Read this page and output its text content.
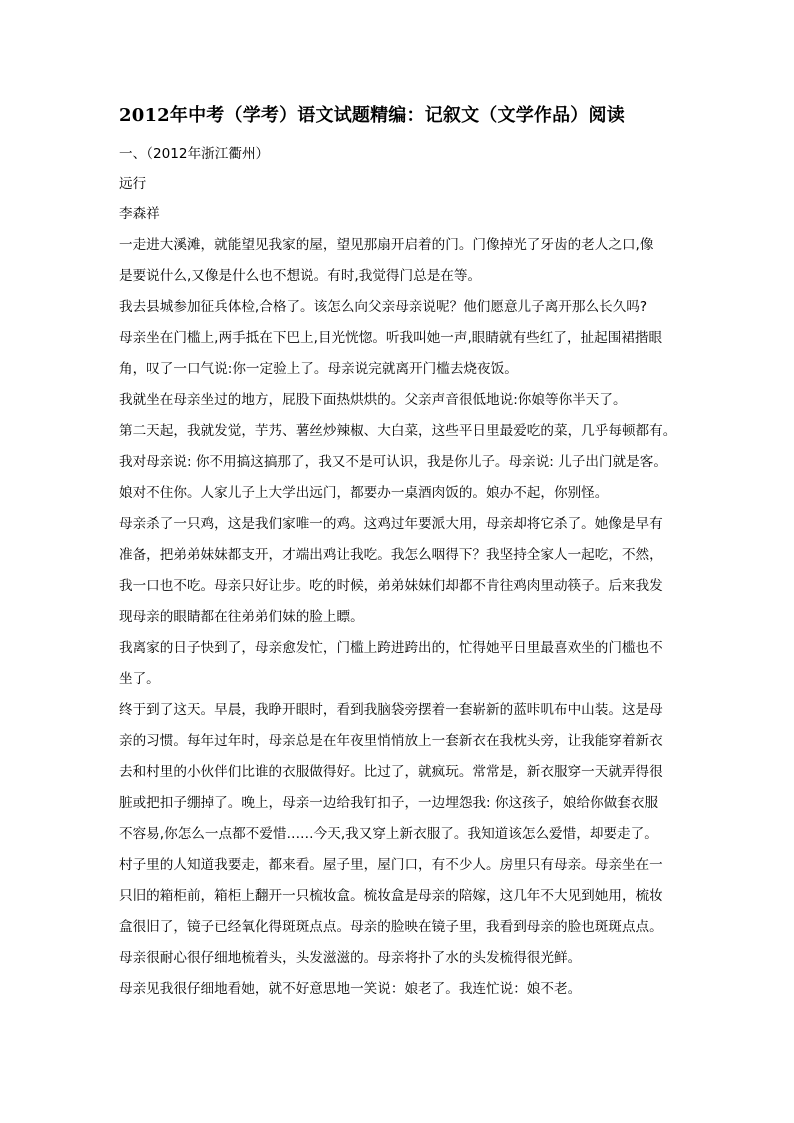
2012年中考（学考）语文试题精编：记叙文（文学作品）阅读
一、（2012年浙江衢州）
远行
李森祥
一走进大溪滩，就能望见我家的屋，望见那扇开启着的门。门像掉光了牙齿的老人之口,像
是要说什么,又像是什么也不想说。有时,我觉得门总是在等。
我去县城参加征兵体检,合格了。该怎么向父亲母亲说呢？他们愿意儿子离开那么长久吗?
母亲坐在门槛上,两手抵在下巴上,目光恍惚。听我叫她一声,眼睛就有些红了，扯起围裙揩眼
角，叹了一口气说:你一定验上了。母亲说完就离开门槛去烧夜饭。
我就坐在母亲坐过的地方，屁股下面热烘烘的。父亲声音很低地说:你娘等你半天了。
第二天起，我就发觉，芋艿、薯丝炒辣椒、大白菜，这些平日里最爱吃的菜，几乎每顿都有。
我对母亲说: 你不用搞这搞那了，我又不是可认识，我是你儿子。母亲说: 儿子出门就是客。
娘对不住你。人家儿子上大学出远门，都要办一桌酒肉饭的。娘办不起，你别怪。
母亲杀了一只鸡，这是我们家唯一的鸡。这鸡过年要派大用，母亲却将它杀了。她像是早有
准备，把弟弟妹妹都支开，才端出鸡让我吃。我怎么咽得下？我坚持全家人一起吃，不然，
我一口也不吃。母亲只好让步。吃的时候，弟弟妹妹们却都不肯往鸡肉里动筷子。后来我发
现母亲的眼睛都在往弟弟们妹的脸上瞟。
我离家的日子快到了，母亲愈发忙，门槛上跨进跨出的，忙得她平日里最喜欢坐的门槛也不
坐了。
终于到了这天。早晨，我睁开眼时，看到我脑袋旁摆着一套崭新的蓝咔叽布中山装。这是母
亲的习惯。每年过年时，母亲总是在年夜里悄悄放上一套新衣在我枕头旁，让我能穿着新衣
去和村里的小伙伴们比谁的衣服做得好。比过了，就疯玩。常常是，新衣服穿一天就弄得很
脏或把扣子绷掉了。晚上，母亲一边给我钉扣子，一边埋怨我: 你这孩子，娘给你做套衣服
不容易,你怎么一点都不爱惜……今天,我又穿上新衣服了。我知道该怎么爱惜，却要走了。
村子里的人知道我要走，都来看。屋子里，屋门口，有不少人。房里只有母亲。母亲坐在一
只旧的箱柜前，箱柜上翻开一只梳妆盒。梳妆盒是母亲的陪嫁，这几年不大见到她用，梳妆
盒很旧了，镜子已经氧化得斑斑点点。母亲的脸映在镜子里，我看到母亲的脸也斑斑点点。
母亲很耐心很仔细地梳着头，头发滋滋的。母亲将扑了水的头发梳得很光鲜。
母亲见我很仔细地看她，就不好意思地一笑说：娘老了。我连忙说：娘不老。
